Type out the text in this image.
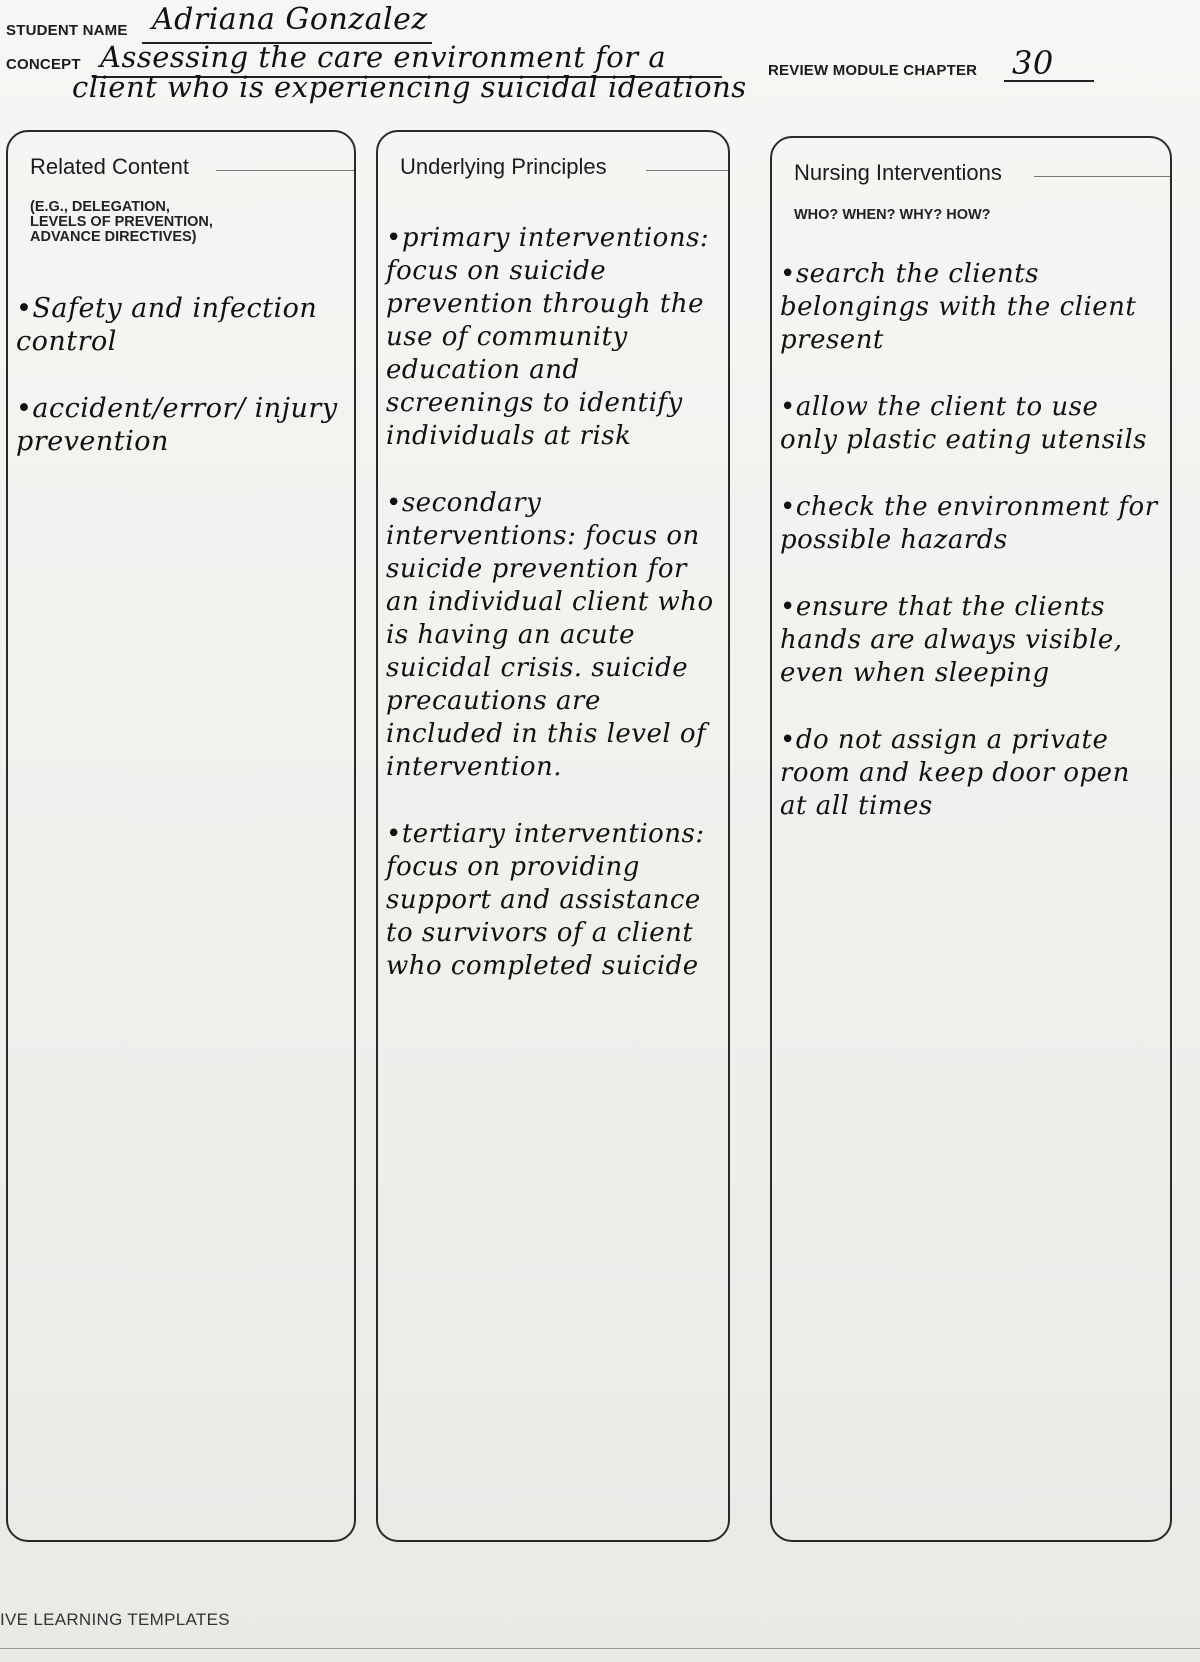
STUDENT NAME Adriana Gonzalez
CONCEPT Assessing the care environment for a
client who is experiencing suicidal ideations REVIEW MODULE CHAPTER 30
Related Content
(E.G., DELEGATION,
LEVELS OF PREVENTION,
ADVANCE DIRECTIVES)

•Safety and infection control

•accident/error/ injury prevention

Underlying Principles

•primary interventions: focus on suicide prevention through the use of community education and screenings to identify individuals at risk

•secondary interventions: focus on suicide prevention for an individual client who is having an acute suicidal crisis. suicide precautions are included in this level of intervention.

•tertiary interventions: focus on providing support and assistance to survivors of a client who completed suicide

Nursing Interventions
WHO? WHEN? WHY? HOW?

•search the clients belongings with the client present

•allow the client to use only plastic eating utensils

•check the environment for possible hazards

•ensure that the clients hands are always visible, even when sleeping

•do not assign a private room and keep door open at all times

IVE LEARNING TEMPLATES
